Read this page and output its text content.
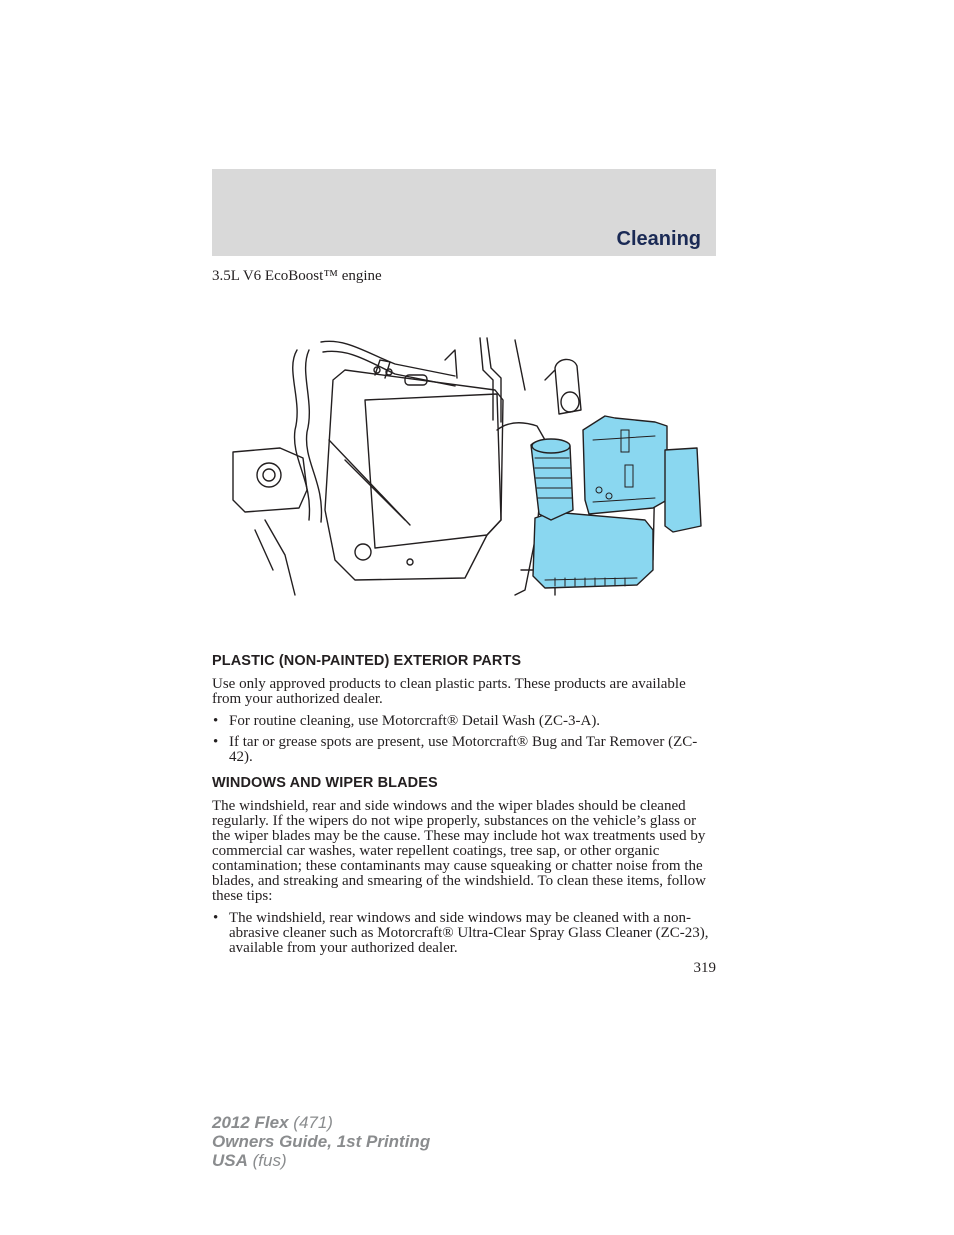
Cleaning
3.5L V6 EcoBoost™ engine
PLASTIC (NON-PAINTED) EXTERIOR PARTS

Use only approved products to clean plastic parts. These products are available from your authorized dealer.

• For routine cleaning, use Motorcraft® Detail Wash (ZC-3-A).
• If tar or grease spots are present, use Motorcraft® Bug and Tar Remover (ZC-42).
WINDOWS AND WIPER BLADES

The windshield, rear and side windows and the wiper blades should be cleaned regularly. If the wipers do not wipe properly, substances on the vehicle’s glass or the wiper blades may be the cause. These may include hot wax treatments used by commercial car washes, water repellent coatings, tree sap, or other organic contamination; these contaminants may cause squeaking or chatter noise from the blades, and streaking and smearing of the windshield. To clean these items, follow these tips:

• The windshield, rear windows and side windows may be cleaned with a non-abrasive cleaner such as Motorcraft® Ultra-Clear Spray Glass Cleaner (ZC-23), available from your authorized dealer.
319
2012 Flex (471)
Owners Guide, 1st Printing
USA (fus)
